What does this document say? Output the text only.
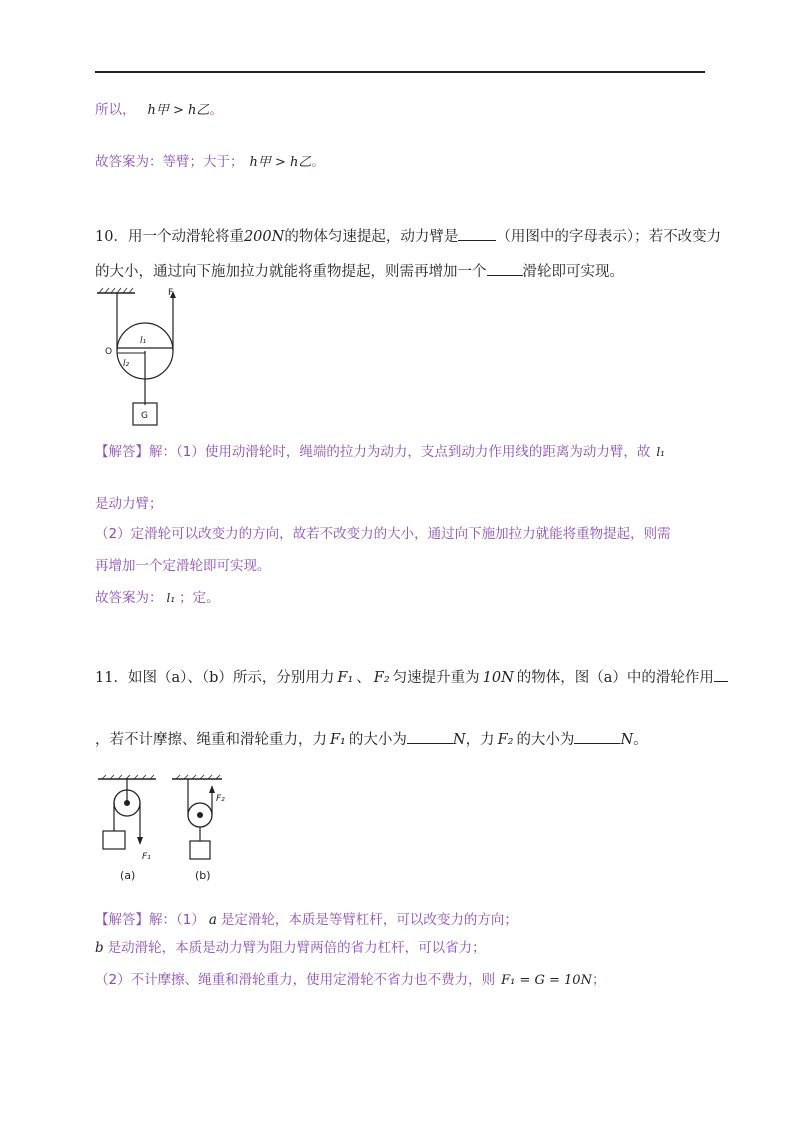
所以， h甲 > h乙。
故答案为：等臂；大于； h甲 > h乙。
10．用一个动滑轮将重200N的物体匀速提起，动力臂是	（用图中的字母表示）；若不改变力
的大小，通过向下施加拉力就能将重物提起，则需再增加一个 滑轮即可实现。
F
O
l₁
l₂
G
【解答】解：（1）使用动滑轮时，绳端的拉力为动力，支点到动力作用线的距离为动力臂，故 l₁
是动力臂；
（2）定滑轮可以改变力的方向，故若不改变力的大小，通过向下施加拉力就能将重物提起，则需
再增加一个定滑轮即可实现。
故答案为： l₁ ；定。
11．如图（a）、（b）所示，分别用力 F₁ 、 F₂ 匀速提升重为 10N 的物体，图（a）中的滑轮作用
，若不计摩擦、绳重和滑轮重力，力 F₁ 的大小为	N，力 F₂ 的大小为	N。
F₁
(a)
F₂
(b)
【解答】解：（1） a 是定滑轮，本质是等臂杠杆，可以改变力的方向；
b 是动滑轮，本质是动力臂为阻力臂两倍的省力杠杆，可以省力；
（2）不计摩擦、绳重和滑轮重力，使用定滑轮不省力也不费力，则 F₁ = G = 10N；
